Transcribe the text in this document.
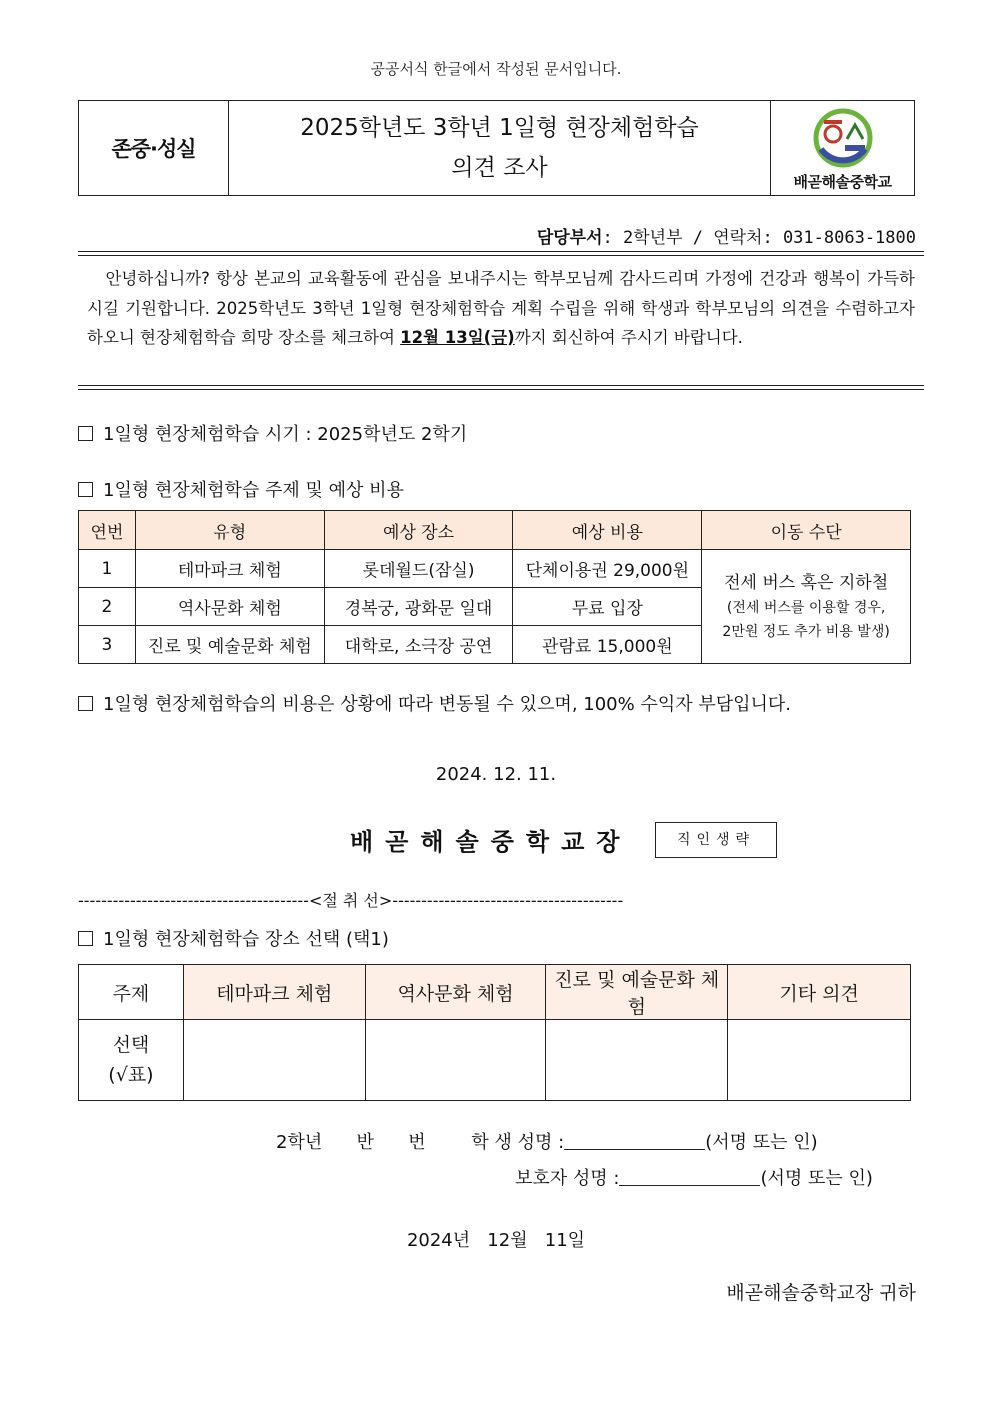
공공서식 한글에서 작성된 문서입니다.
존중·성실
2025학년도 3학년 1일형 현장체험학습
의견 조사
배곧해솔중학교
담당부서: 2학년부 / 연락처: 031-8063-1800
안녕하십니까? 항상 본교의 교육활동에 관심을 보내주시는 학부모님께 감사드리며 가정에 건강과 행복이 가득하시길 기원합니다. 2025학년도 3학년 1일형 현장체험학습 계획 수립을 위해 학생과 학부모님의 의견을 수렴하고자 하오니 현장체험학습 희망 장소를 체크하여 12월 13일(금)까지 회신하여 주시기 바랍니다.
1일형 현장체험학습 시기 : 2025학년도 2학기
1일형 현장체험학습 주제 및 예상 비용
연번	유형	예상 장소	예상 비용	이동 수단
1	테마파크 체험	롯데월드(잠실)	단체이용권 29,000원	전세 버스 혹은 지하철
(전세 버스를 이용할 경우,
2만원 정도 추가 비용 발생)

2	역사문화 체험	경복궁, 광화문 일대	무료 입장	
3	진로 및 예술문화 체험	대학로, 소극장 공연	관람료 15,000원	
1일형 현장체험학습의 비용은 상황에 따라 변동될 수 있으며, 100% 수익자 부담입니다.
2024. 12. 11.
배곧해솔중학교장	직인생략
----------------------------------------<절 취 선>----------------------------------------
1일형 현장체험학습 장소 선택 (택1)
주제	테마파크 체험	역사문화 체험	진로 및 예술문화 체험	기타 의견

선택
(√표)				

2학년      반      번        학 생 성명 :	(서명 또는 인)
보호자 성명 :	(서명 또는 인)
2024년   12월   11일
배곧해솔중학교장 귀하
